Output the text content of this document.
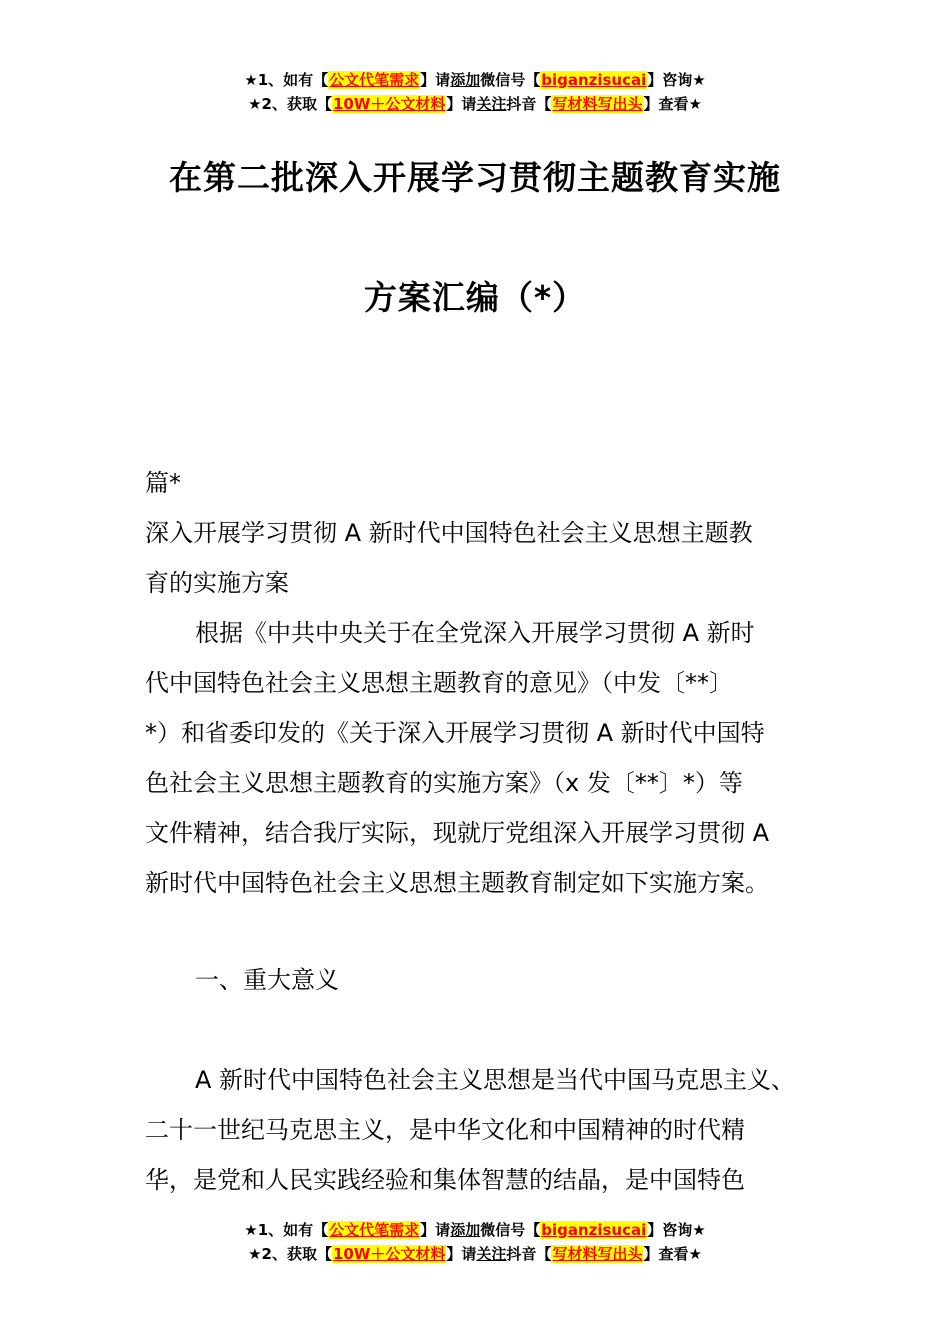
★1、如有【公文代笔需求】请添加微信号【biganzisucai】咨询★
★2、获取【10W＋公文材料】请关注抖音【写材料写出头】查看★
在第二批深入开展学习贯彻主题教育实施
方案汇编（*）
篇*
深入开展学习贯彻 A 新时代中国特色社会主义思想主题教
育的实施方案
根据《中共中央关于在全党深入开展学习贯彻 A 新时
代中国特色社会主义思想主题教育的意见》（中发〔**〕
*）和省委印发的《关于深入开展学习贯彻 A 新时代中国特
色社会主义思想主题教育的实施方案》（x 发〔**〕*）等
文件精神，结合我厅实际，现就厅党组深入开展学习贯彻 A
新时代中国特色社会主义思想主题教育制定如下实施方案。
一、重大意义
A 新时代中国特色社会主义思想是当代中国马克思主义、
二十一世纪马克思主义，是中华文化和中国精神的时代精
华，是党和人民实践经验和集体智慧的结晶，是中国特色
★1、如有【公文代笔需求】请添加微信号【biganzisucai】咨询★
★2、获取【10W＋公文材料】请关注抖音【写材料写出头】查看★
